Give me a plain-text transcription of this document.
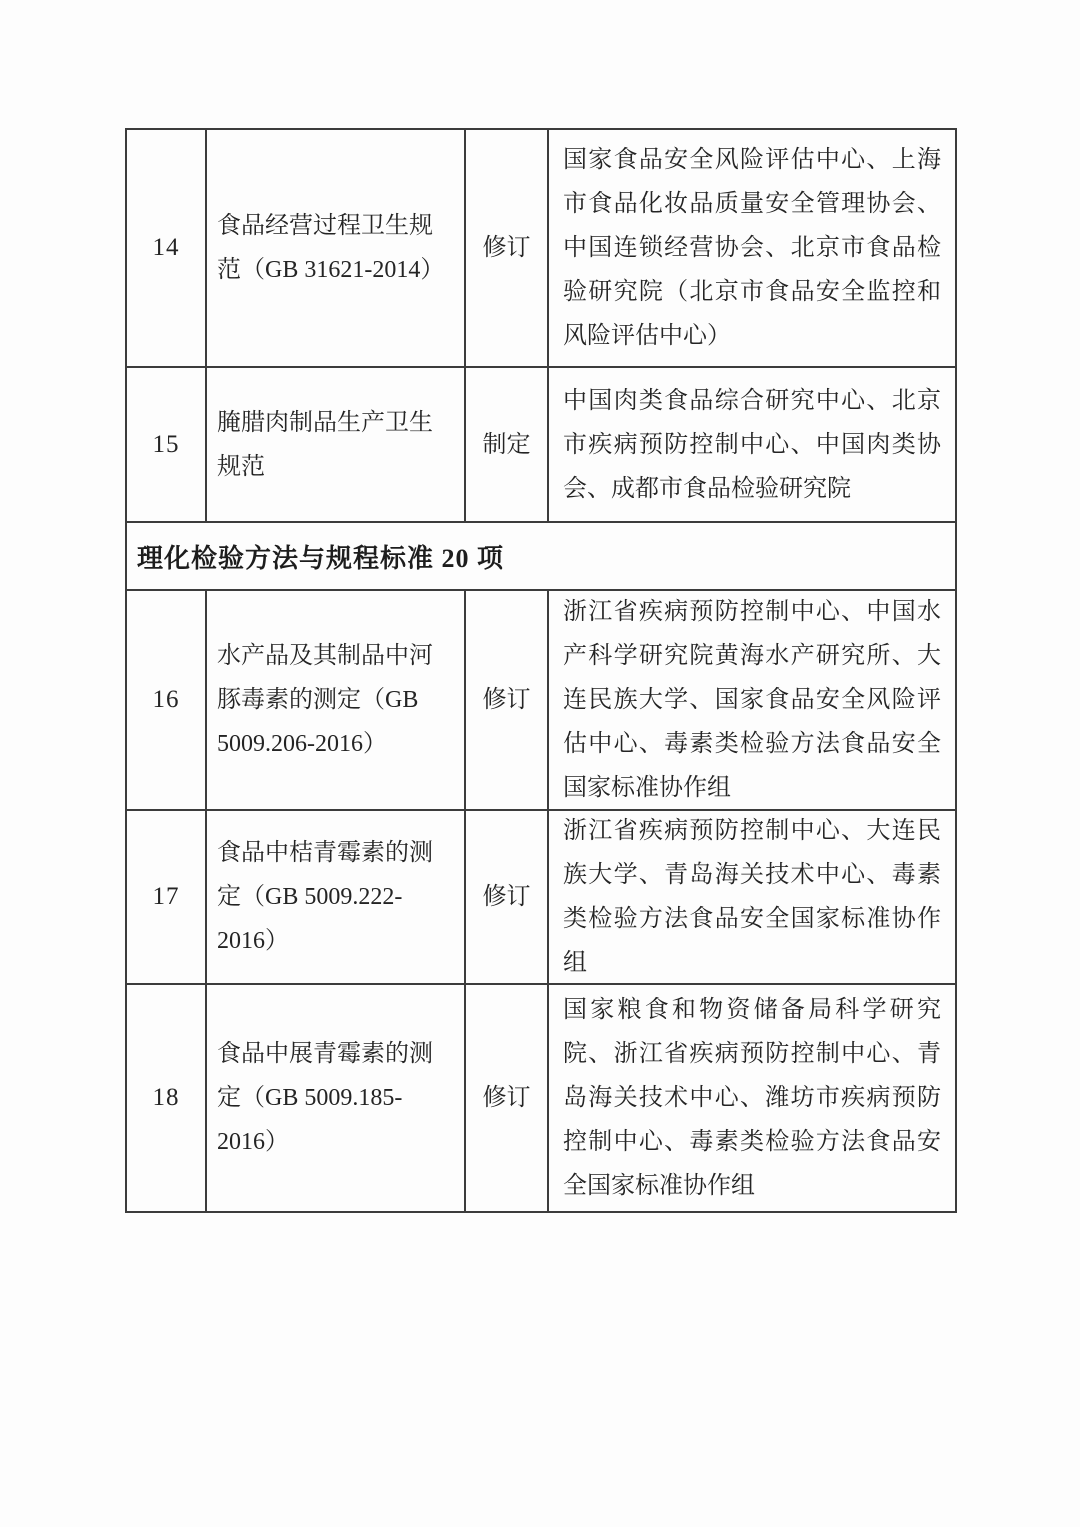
14
食品经营过程卫生规范（GB 31621-2014）
修订
国家食品安全风险评估中心、上海市食品化妆品质量安全管理协会、中国连锁经营协会、北京市食品检验研究院（北京市食品安全监控和风险评估中心）
15
腌腊肉制品生产卫生规范
制定
中国肉类食品综合研究中心、北京市疾病预防控制中心、中国肉类协会、成都市食品检验研究院
理化检验方法与规程标准 20 项
16
水产品及其制品中河豚毒素的测定（GB 5009.206-2016）
修订
浙江省疾病预防控制中心、中国水产科学研究院黄海水产研究所、大连民族大学、国家食品安全风险评估中心、毒素类检验方法食品安全国家标准协作组
17
食品中桔青霉素的测定（GB 5009.222-2016）
修订
浙江省疾病预防控制中心、大连民族大学、青岛海关技术中心、毒素类检验方法食品安全国家标准协作组
18
食品中展青霉素的测定（GB 5009.185-2016）
修订
国家粮食和物资储备局科学研究院、浙江省疾病预防控制中心、青岛海关技术中心、潍坊市疾病预防控制中心、毒素类检验方法食品安全国家标准协作组
